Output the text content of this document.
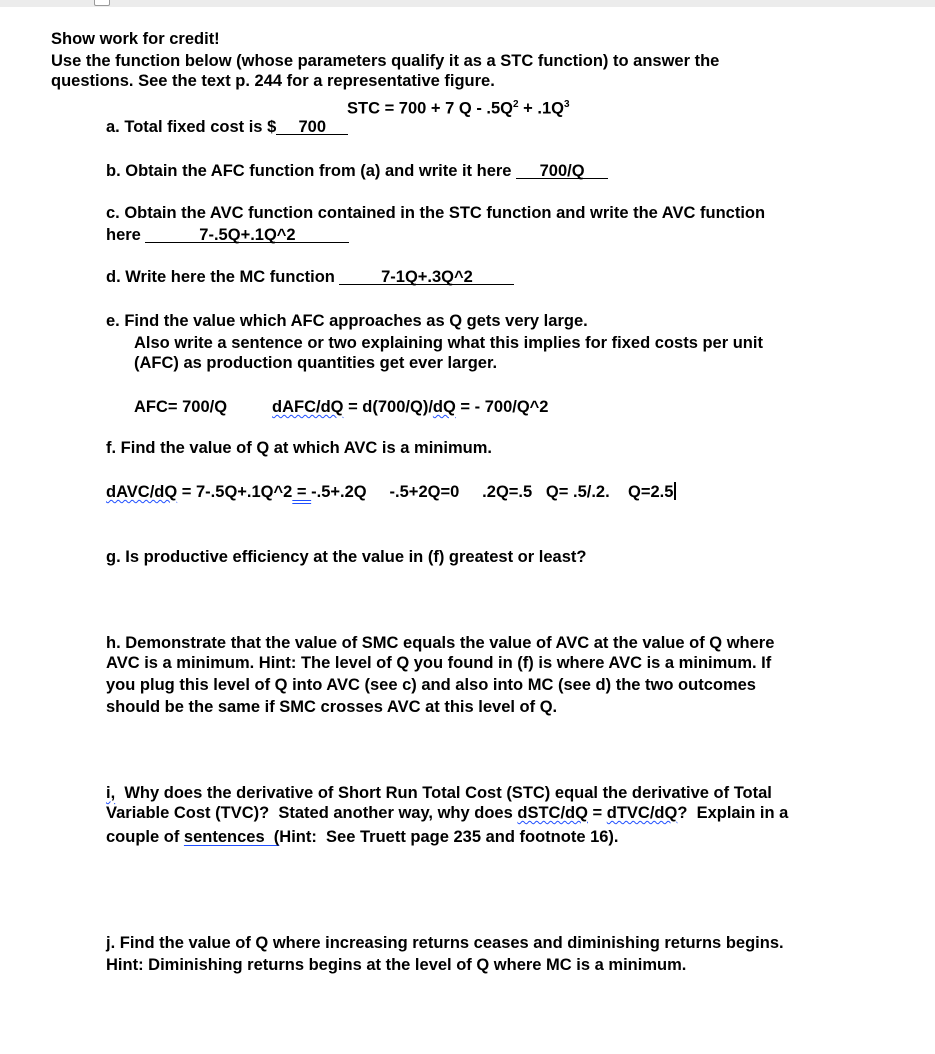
Show work for credit!
Use the function below (whose parameters qualify it as a STC function) to answer the
questions. See the text p. 244 for a representative figure.
STC = 700 + 7 $Q - .5Q^2 + .1Q^3$
a. Total fixed cost is $ 700
b. Obtain the AFC function from (a) and write it here 700/Q
c. Obtain the AVC function contained in the STC function and write the AVC function
here	7-.5Q+.1Q^2
d. Write here the MC function	7-1Q+.3Q^2
e. Find the value which AFC approaches as Q gets very large.
Also write a sentence or two explaining what this implies for fixed costs per unit
(AFC) as production quantities get ever larger.
AFC= 700/Q	dAFC/dQ = d(700/Q)/dQ = - 700/Q^2
f. Find the value of Q at which AVC is a minimum.
dAVC/dQ = 7-.5Q+.1Q^2 = -.5+.2Q     -.5+2Q=0     .2Q=.5   Q= .5/.2.    Q=2.5
g. Is productive efficiency at the value in (f) greatest or least?
h. Demonstrate that the value of SMC equals the value of AVC at the value of Q where
AVC is a minimum. Hint: The level of Q you found in (f) is where AVC is a minimum. If
you plug this level of Q into AVC (see c) and also into MC (see d) the two outcomes
should be the same if SMC crosses AVC at this level of Q.
i,  Why does the derivative of Short Run Total Cost (STC) equal the derivative of Total
Variable Cost (TVC)?  Stated another way, why does dSTC/dQ = dTVC/dQ?  Explain in a
couple of sentences  (Hint:  See Truett page 235 and footnote 16).
j. Find the value of Q where increasing returns ceases and diminishing returns begins.
Hint: Diminishing returns begins at the level of Q where MC is a minimum.
